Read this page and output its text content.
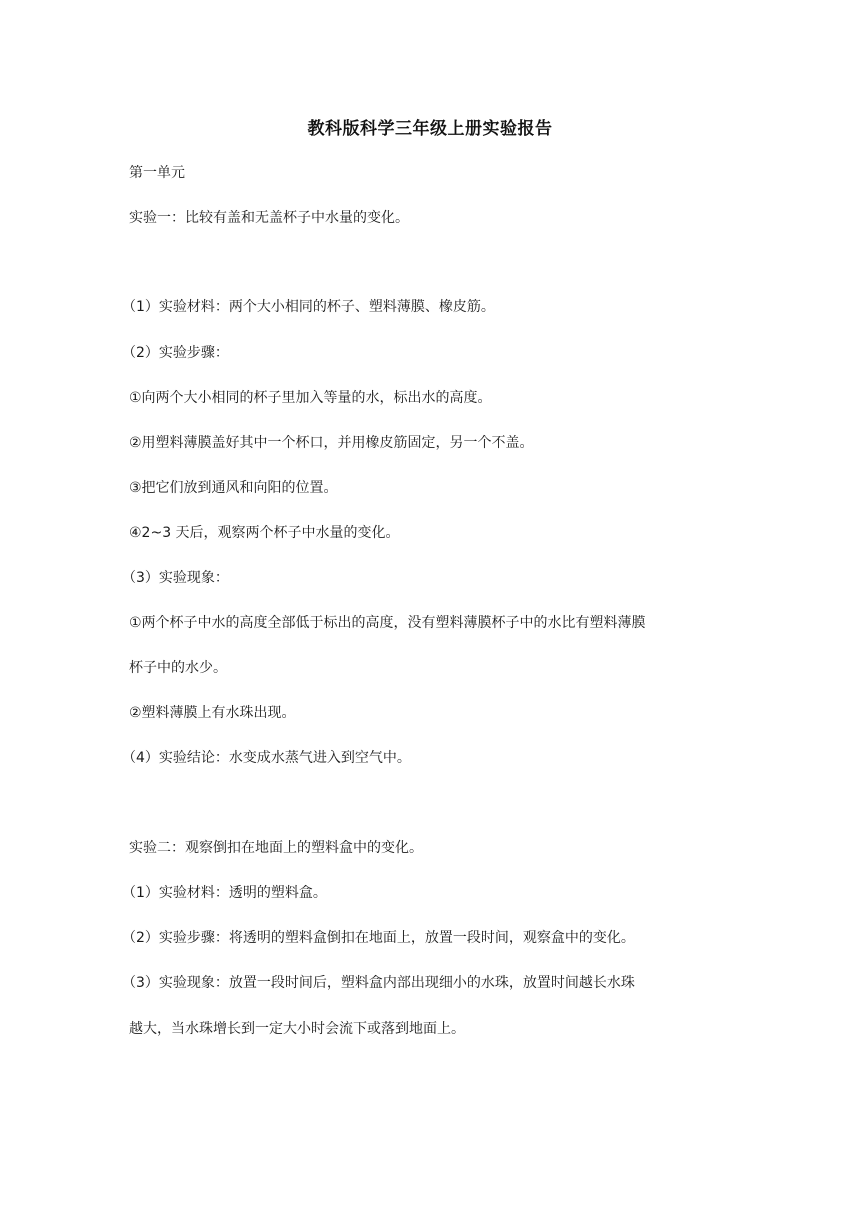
教科版科学三年级上册实验报告
第一单元
实验一：比较有盖和无盖杯子中水量的变化。
（1）实验材料：两个大小相同的杯子、塑料薄膜、橡皮筋。
（2）实验步骤：
①向两个大小相同的杯子里加入等量的水，标出水的高度。
②用塑料薄膜盖好其中一个杯口，并用橡皮筋固定，另一个不盖。
③把它们放到通风和向阳的位置。
④2~3 天后，观察两个杯子中水量的变化。
（3）实验现象：
①两个杯子中水的高度全部低于标出的高度，没有塑料薄膜杯子中的水比有塑料薄膜
杯子中的水少。
②塑料薄膜上有水珠出现。
（4）实验结论：水变成水蒸气进入到空气中。
实验二：观察倒扣在地面上的塑料盒中的变化。
（1）实验材料：透明的塑料盒。
（2）实验步骤：将透明的塑料盒倒扣在地面上，放置一段时间，观察盒中的变化。
（3）实验现象：放置一段时间后，塑料盒内部出现细小的水珠，放置时间越长水珠
越大，当水珠增长到一定大小时会流下或落到地面上。
